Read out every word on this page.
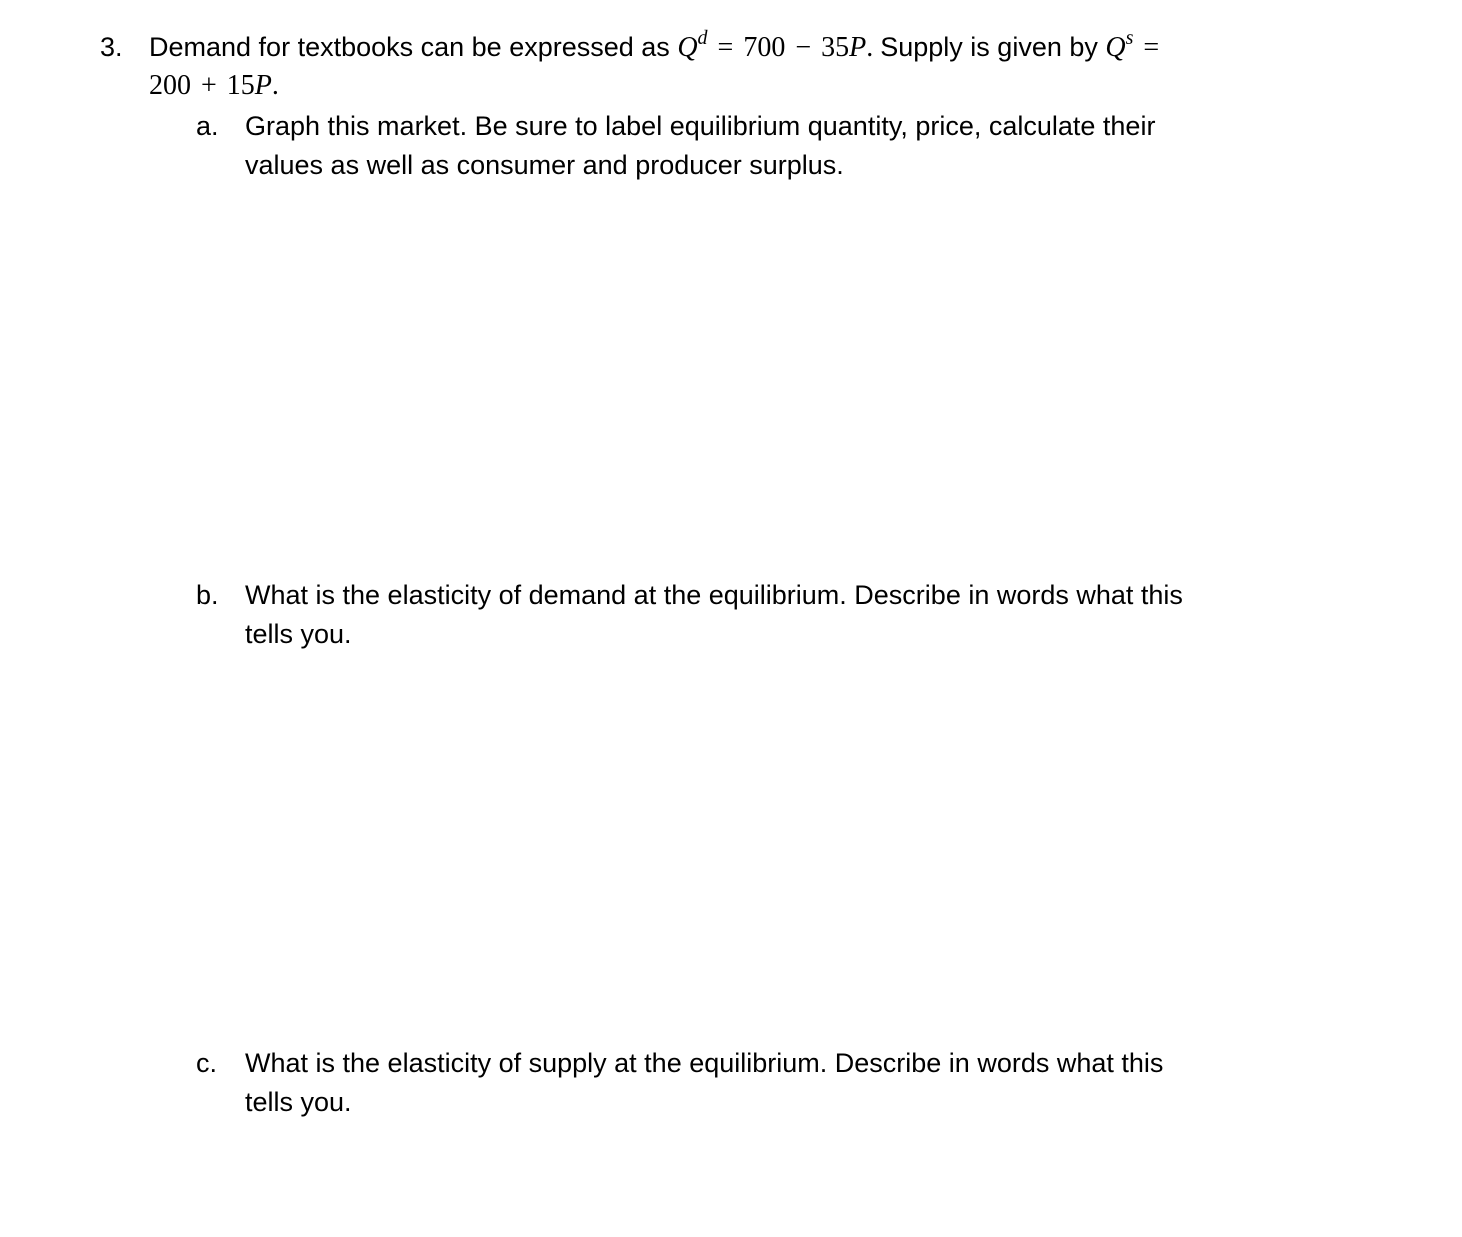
3. Demand for textbooks can be expressed as $Q^d = 700 - 35P$. Supply is given by $Q^s$ =
200 + 15P.
a. Graph this market. Be sure to label equilibrium quantity, price, calculate their
values as well as consumer and producer surplus.
b. What is the elasticity of demand at the equilibrium. Describe in words what this
tells you.
c. What is the elasticity of supply at the equilibrium. Describe in words what this
tells you.
